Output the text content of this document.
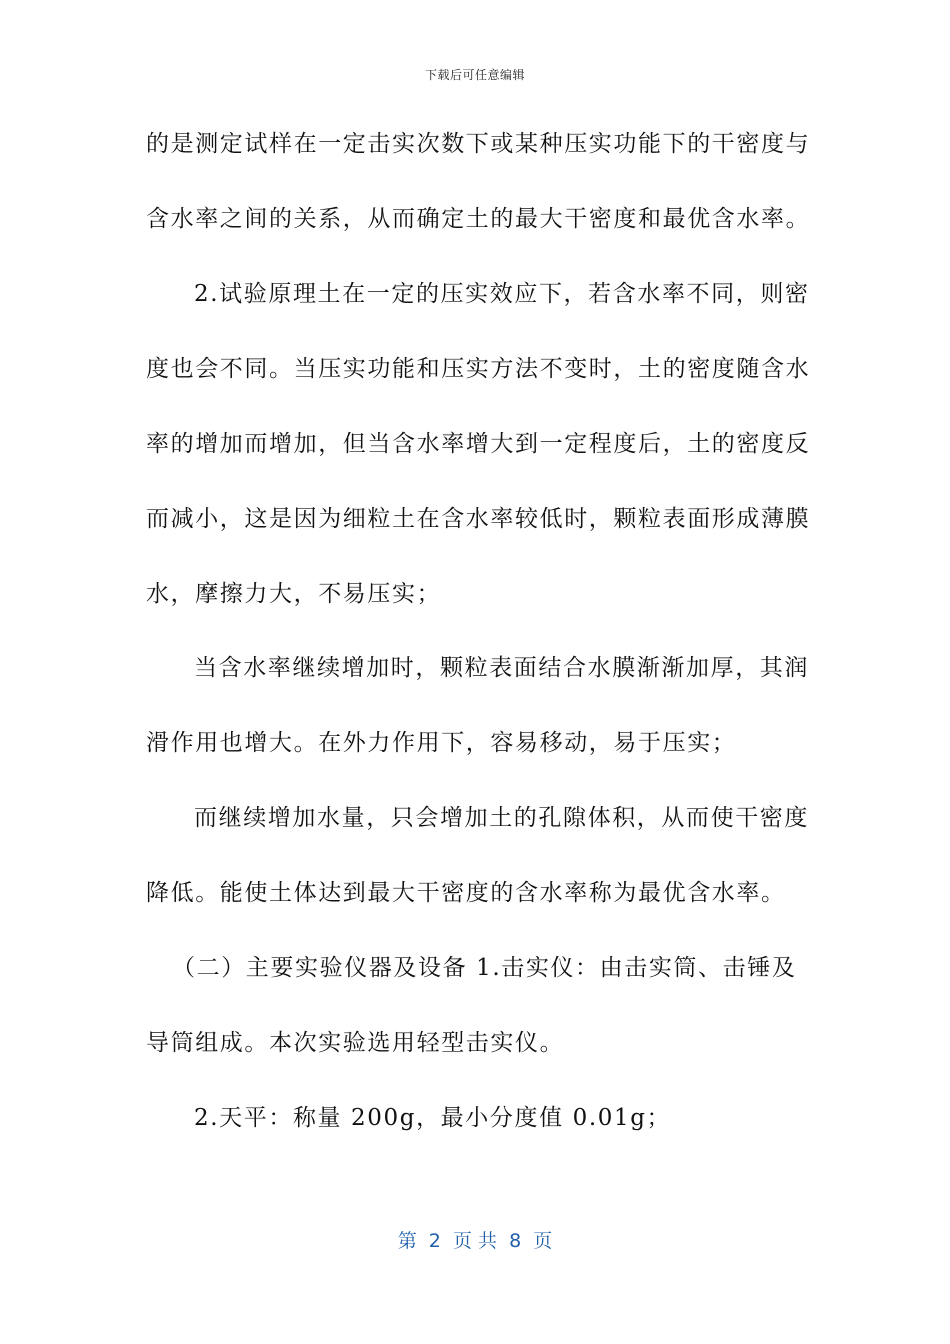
下载后可任意编辑
的是测定试样在一定击实次数下或某种压实功能下的干密度与
含水率之间的关系，从而确定土的最大干密度和最优含水率。
2.试验原理土在一定的压实效应下，若含水率不同，则密
度也会不同。当压实功能和压实方法不变时，土的密度随含水
率的增加而增加，但当含水率增大到一定程度后，土的密度反
而减小，这是因为细粒土在含水率较低时，颗粒表面形成薄膜
水，摩擦力大，不易压实；
当含水率继续增加时，颗粒表面结合水膜渐渐加厚，其润
滑作用也增大。在外力作用下，容易移动，易于压实；
而继续增加水量，只会增加土的孔隙体积，从而使干密度
降低。能使土体达到最大干密度的含水率称为最优含水率。
（二）主要实验仪器及设备 1.击实仪：由击实筒、击锤及
导筒组成。本次实验选用轻型击实仪。
2.天平：称量 200g，最小分度值 0.01g；
第  2  页 共  8  页
